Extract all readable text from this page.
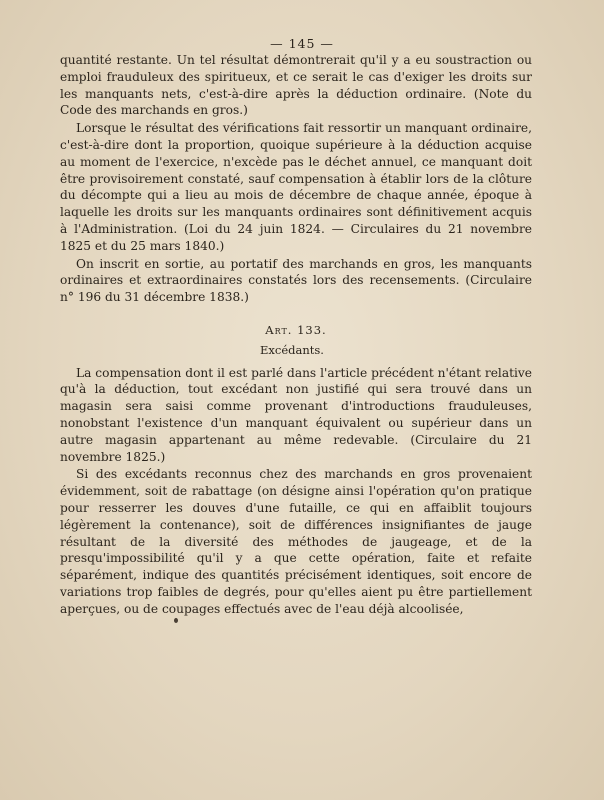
— 145 —

quantité restante. Un tel résultat démontrerait qu'il y a eu soustraction ou emploi frauduleux des spiritueux, et ce serait le cas d'exiger les droits sur les manquants nets, c'est-à-dire après la déduction ordinaire. (Note du Code des marchands en gros.)

Lorsque le résultat des vérifications fait ressortir un manquant ordinaire, c'est-à-dire dont la proportion, quoique supérieure à la déduction acquise au moment de l'exercice, n'excède pas le déchet annuel, ce manquant doit être provisoirement constaté, sauf compensation à établir lors de la clôture du décompte qui a lieu au mois de décembre de chaque année, époque à laquelle les droits sur les manquants ordinaires sont définitivement acquis à l'Administration. (Loi du 24 juin 1824. — Circulaires du 21 novembre 1825 et du 25 mars 1840.)

On inscrit en sortie, au portatif des marchands en gros, les manquants ordinaires et extraordinaires constatés lors des recensements. (Circulaire n° 196 du 31 décembre 1838.)

Art. 133.
Excédants.

La compensation dont il est parlé dans l'article précédent n'étant relative qu'à la déduction, tout excédant non justifié qui sera trouvé dans un magasin sera saisi comme provenant d'introductions frauduleuses, nonobstant l'existence d'un manquant équivalent ou supérieur dans un autre magasin appartenant au même redevable. (Circulaire du 21 novembre 1825.)

Si des excédants reconnus chez des marchands en gros provenaient évidemment, soit de rabattage (on désigne ainsi l'opération qu'on pratique pour resserrer les douves d'une futaille, ce qui en affaiblit toujours légèrement la contenance), soit de différences insignifiantes de jauge résultant de la diversité des méthodes de jaugeage, et de la presqu'impossibilité qu'il y a que cette opération, faite et refaite séparément, indique des quantités précisément identiques, soit encore de variations trop faibles de degrés, pour qu'elles aient pu être partiellement aperçues, ou de coupages effectués avec de l'eau déjà alcoolisée,
